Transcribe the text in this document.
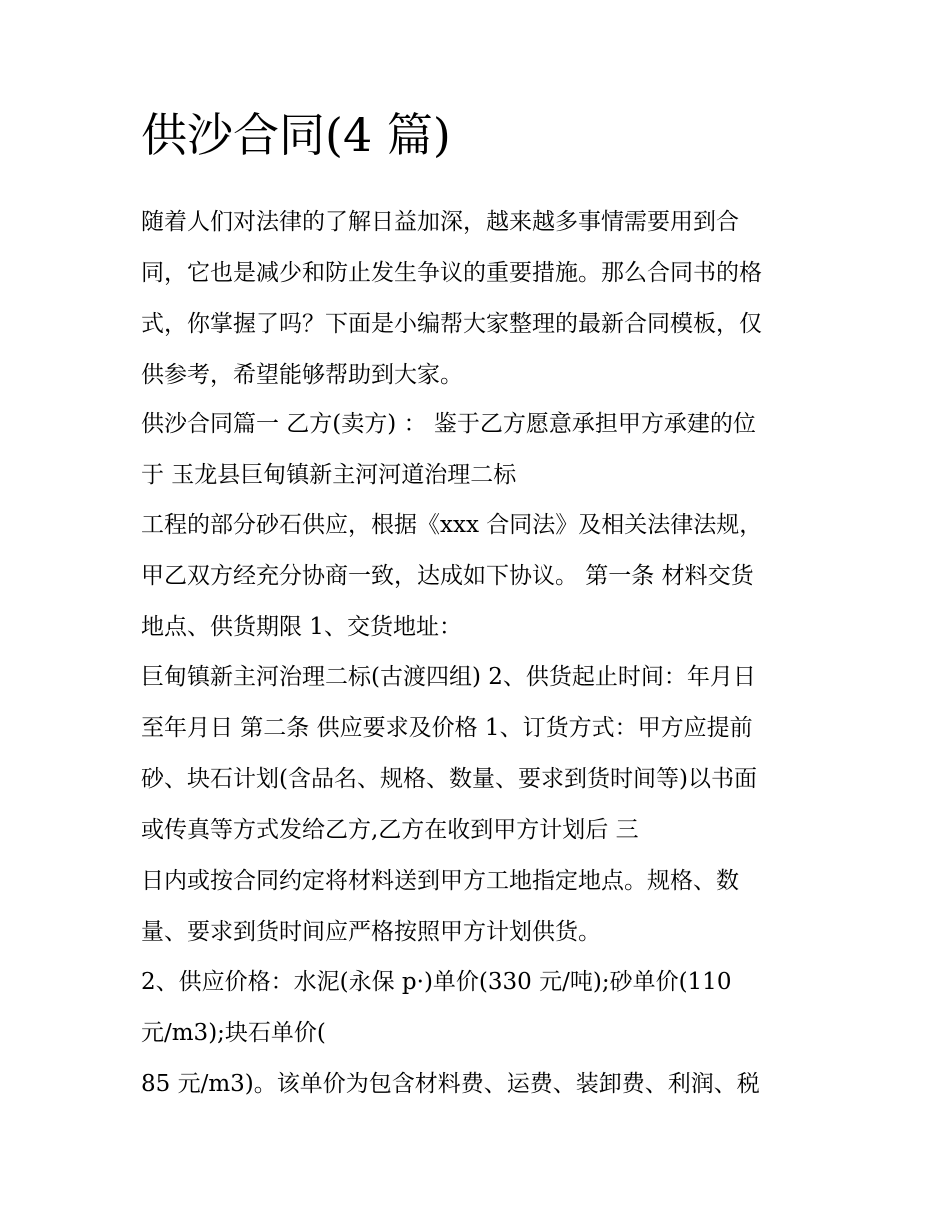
供沙合同(4 篇)

随着人们对法律的了解日益加深，越来越多事情需要用到合

同，它也是减少和防止发生争议的重要措施。那么合同书的格

式，你掌握了吗？下面是小编帮大家整理的最新合同模板，仅

供参考，希望能够帮助到大家。

供沙合同篇一 乙方(卖方) ： 鉴于乙方愿意承担甲方承建的位

于 玉龙县巨甸镇新主河河道治理二标

工程的部分砂石供应，根据《xxx 合同法》及相关法律法规，

甲乙双方经充分协商一致，达成如下协议。 第一条 材料交货

地点、供货期限 1、交货地址：

巨甸镇新主河治理二标(古渡四组) 2、供货起止时间：年月日

至年月日 第二条 供应要求及价格 1、订货方式：甲方应提前

砂、块石计划(含品名、规格、数量、要求到货时间等)以书面

或传真等方式发给乙方,乙方在收到甲方计划后 三

日内或按合同约定将材料送到甲方工地指定地点。规格、数

量、要求到货时间应严格按照甲方计划供货。

2、供应价格：水泥(永保 p·)单价(330 元/吨);砂单价(110

元/m3);块石单价(

85 元/m3)。该单价为包含材料费、运费、装卸费、利润、税
